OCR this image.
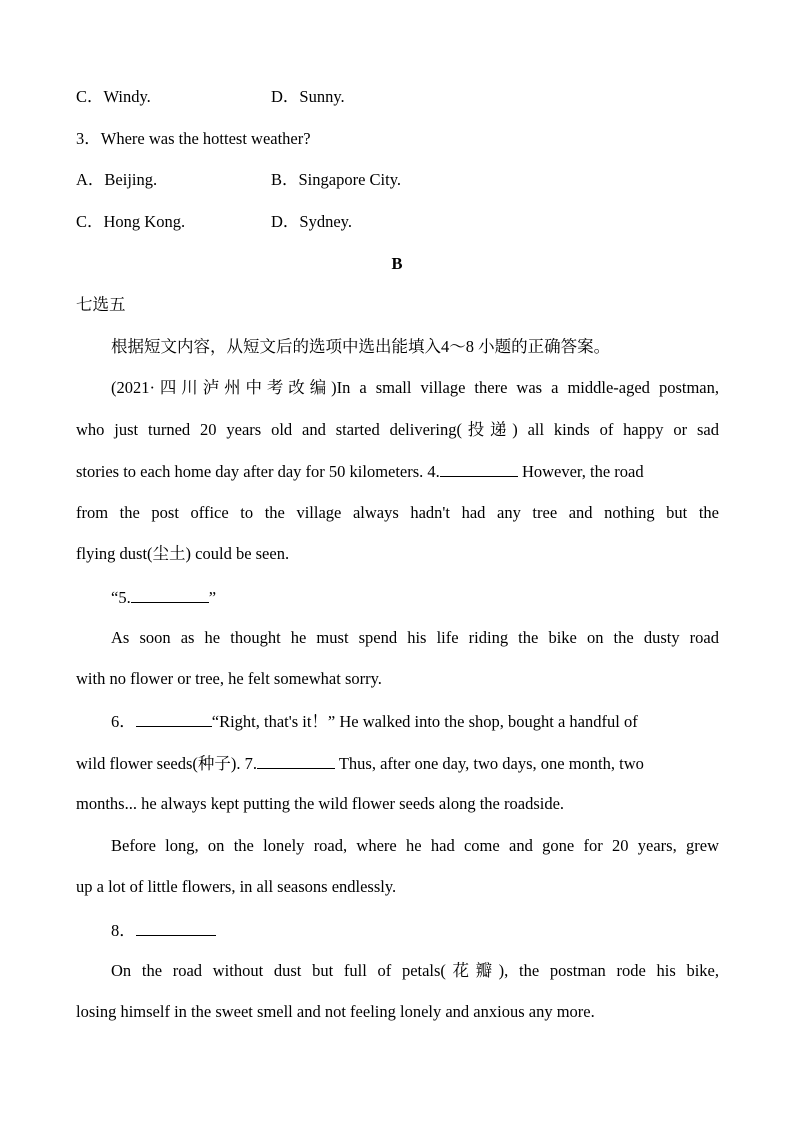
C．Windy.	D．Sunny.
3．Where was the hottest weather?
A．Beijing.	B．Singapore City.
C．Hong Kong.	D．Sydney.
B
七选五
根据短文内容，从短文后的选项中选出能填入4～8 小题的正确答案。
(2021·四川泸州中考改编)In a small village there was a middle-aged postman,
who just turned 20 years old and started delivering(投递) all kinds of happy or sad
stories to each home day after day for 50 kilometers. 4.	However, the road
from the post office to the village always hadn't had any tree and nothing but the
flying dust(尘土) could be seen.
“5.	”
As soon as he thought he must spend his life riding the bike on the dusty road
with no flower or tree, he felt somewhat sorry.
6．	“Right, that's it！” He walked into the shop, bought a handful of
wild flower seeds(种子). 7.	Thus, after one day, two days, one month, two
months... he always kept putting the wild flower seeds along the roadside.
Before long, on the lonely road, where he had come and gone for 20 years, grew
up a lot of little flowers, in all seasons endlessly.
8．
On the road without dust but full of petals(花瓣), the postman rode his bike,
losing himself in the sweet smell and not feeling lonely and anxious any more.
